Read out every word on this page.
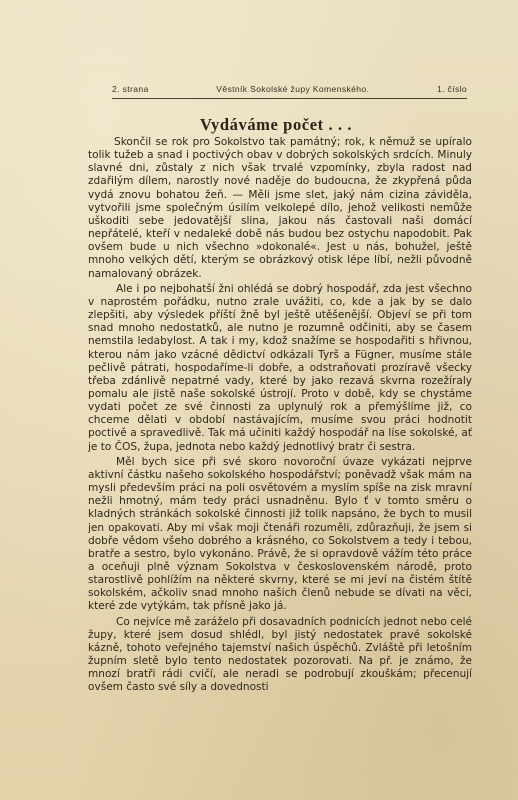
2. strana	Věstník Sokolské župy Komenského.	1. číslo
Vydáváme počet . . .

Skončil se rok pro Sokolstvo tak památný; rok, k němuž se upíralo tolik tužeb a snad i poctivých obav v dobrých sokolských srdcích. Minuly slavné dni, zůstaly z nich však trvalé vzpomínky, zbyla radost nad zdařilým dílem, narostly nové naděje do budoucna, že zkypřená půda vydá znovu bohatou žeň. — Měli jsme slet, jaký nám cizina záviděla, vytvořili jsme společným úsilím velkolepé dílo, jehož velikosti nemůže uškoditi sebe jedovatější slina, jakou nás častovali naši domácí nepřátelé, kteří v nedaleké době nás budou bez ostychu napodobit. Pak ovšem bude u nich všechno »dokonalé«. Jest u nás, bohužel, ještě mnoho velkých dětí, kterým se obrázkový otisk lépe líbí, nežli původně namalovaný obrázek.

Ale i po nejbohatší žni ohlédá se dobrý hospodář, zda jest všechno v naprostém pořádku, nutno zrale uvážiti, co, kde a jak by se dalo zlepšiti, aby výsledek příští žně byl ještě utěšenější. Objeví se při tom snad mnoho nedostatků, ale nutno je rozumně odčiniti, aby se časem nemstila ledabylost. A tak i my, kdož snažíme se hospodařiti s hřivnou, kterou nám jako vzácné dědictví odkázali Tyrš a Fügner, musíme stále pečlivě pátrati, hospodaříme-li dobře, a odstraňovati prozíravě všecky třeba zdánlivě nepatrné vady, které by jako rezavá skvrna rozežíraly pomalu ale jistě naše sokolské ústrojí. Proto v době, kdy se chystáme vydati počet ze své činnosti za uplynulý rok a přemýšlíme již, co chceme dělati v období nastávajícím, musíme svou práci hodnotit poctivě a spravedlivě. Tak má učiniti každý hospodář na líse sokolské, ať je to ČOS, župa, jednota nebo každý jednotlivý bratr či sestra.

Měl bych sice při své skoro novoroční úvaze vykázati nejprve aktivní částku našeho sokolského hospodářství; poněvadž však mám na mysli především práci na poli osvětovém a myslím spíše na zisk mravní nežli hmotný, mám tedy práci usnadněnu. Bylo ť v tomto směru o kladných stránkách sokolské činnosti již tolik napsáno, že bych to musil jen opakovati. Aby mi však moji čtenáři rozuměli, zdůrazňuji, že jsem si dobře vědom všeho dobrého a krásného, co Sokolstvem a tedy i tebou, bratře a sestro, bylo vykonáno. Právě, že si opravdově vážím této práce a oceňuji plně význam Sokolstva v československém národě, proto starostlivě pohlížím na některé skvrny, které se mi jeví na čistém štítě sokolském, ačkoliv snad mnoho našich členů nebude se dívati na věci, které zde vytýkám, tak přísně jako já.

Co nejvíce mě zaráželo při dosavadních podnicích jednot nebo celé župy, které jsem dosud shlédl, byl jistý nedostatek pravé sokolské kázně, tohoto veřejného tajemství našich úspěchů. Zvláště při letošním župním sletě bylo tento nedostatek pozorovati. Na př. je známo, že mnozí bratři rádi cvičí, ale neradi se podrobují zkouškám; přecenují ovšem často své síly a dovednosti
